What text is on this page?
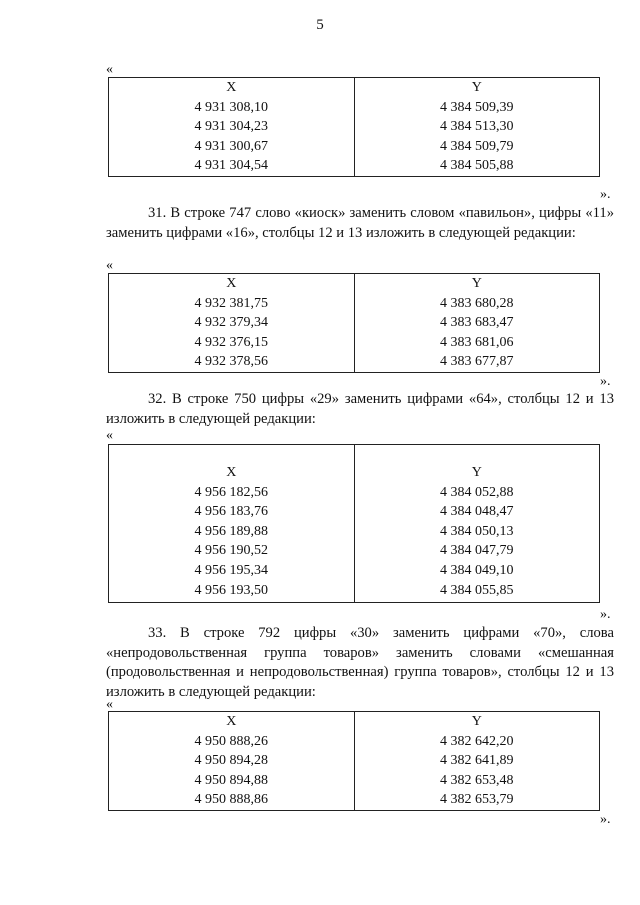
5
«
X	Y
4 931 308,10	4 384 509,39
4 931 304,23	4 384 513,30
4 931 300,67	4 384 509,79
4 931 304,54	4 384 505,88
».

31. В строке 747 слово «киоск» заменить словом «павильон», цифры «11» заменить цифрами «16», столбцы 12 и 13 изложить в следующей редакции:

«
X	Y
4 932 381,75	4 383 680,28
4 932 379,34	4 383 683,47
4 932 376,15	4 383 681,06
4 932 378,56	4 383 677,87
».

32. В строке 750 цифры «29» заменить цифрами «64», столбцы 12 и 13 изложить в следующей редакции:

«
X	Y
4 956 182,56	4 384 052,88
4 956 183,76	4 384 048,47
4 956 189,88	4 384 050,13
4 956 190,52	4 384 047,79
4 956 195,34	4 384 049,10
4 956 193,50	4 384 055,85
».

33. В строке 792 цифры «30» заменить цифрами «70», слова «непродовольственная группа товаров» заменить словами «смешанная (продовольственная и непродовольственная) группа товаров», столбцы 12 и 13 изложить в следующей редакции:

«
X	Y
4 950 888,26	4 382 642,20
4 950 894,28	4 382 641,89
4 950 894,88	4 382 653,48
4 950 888,86	4 382 653,79
».
